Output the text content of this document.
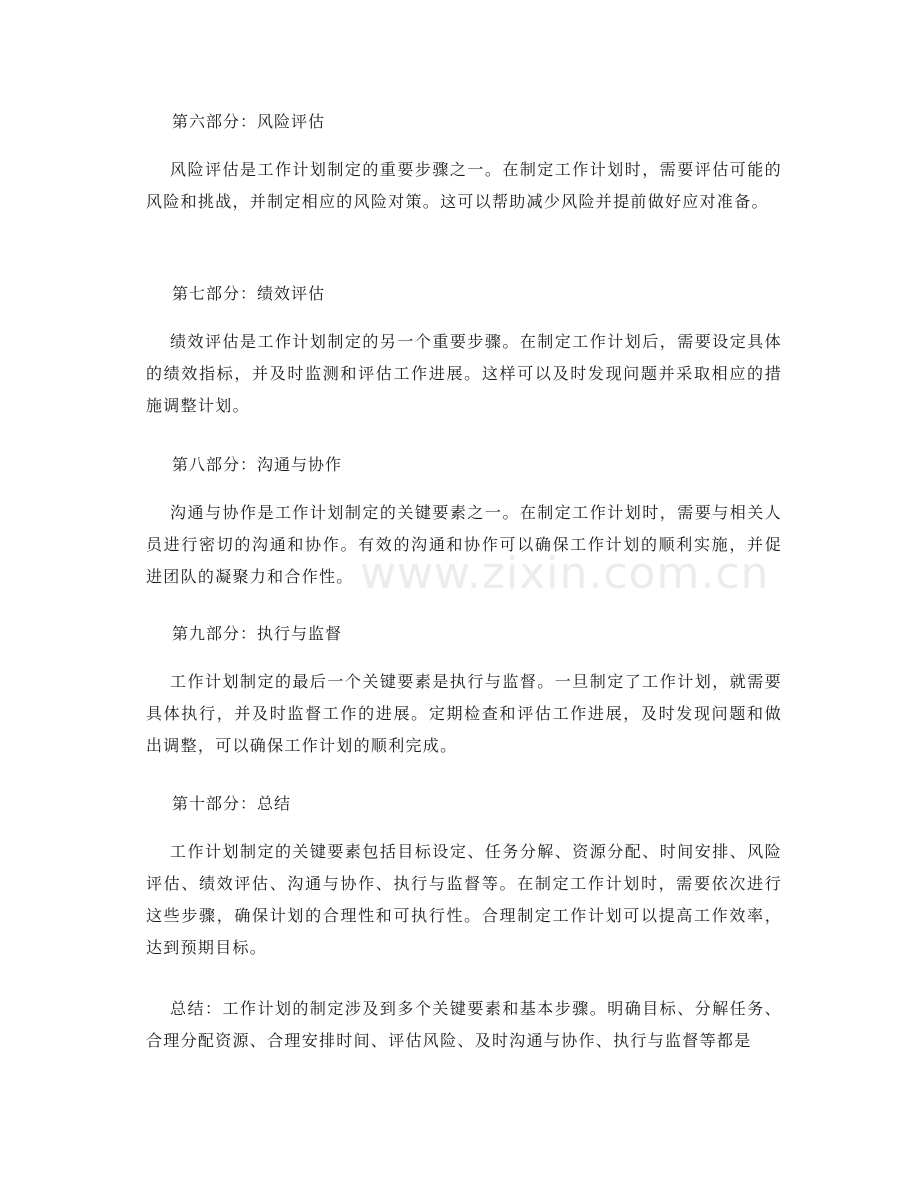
第六部分：风险评估

风险评估是工作计划制定的重要步骤之一。在制定工作计划时，需要评估可能的风险和挑战，并制定相应的风险对策。这可以帮助减少风险并提前做好应对准备。

第七部分：绩效评估

绩效评估是工作计划制定的另一个重要步骤。在制定工作计划后，需要设定具体的绩效指标，并及时监测和评估工作进展。这样可以及时发现问题并采取相应的措施调整计划。

第八部分：沟通与协作

沟通与协作是工作计划制定的关键要素之一。在制定工作计划时，需要与相关人员进行密切的沟通和协作。有效的沟通和协作可以确保工作计划的顺利实施，并促进团队的凝聚力和合作性。

第九部分：执行与监督

工作计划制定的最后一个关键要素是执行与监督。一旦制定了工作计划，就需要具体执行，并及时监督工作的进展。定期检查和评估工作进展，及时发现问题和做出调整，可以确保工作计划的顺利完成。

第十部分：总结

工作计划制定的关键要素包括目标设定、任务分解、资源分配、时间安排、风险评估、绩效评估、沟通与协作、执行与监督等。在制定工作计划时，需要依次进行这些步骤，确保计划的合理性和可执行性。合理制定工作计划可以提高工作效率，达到预期目标。

总结：工作计划的制定涉及到多个关键要素和基本步骤。明确目标、分解任务、合理分配资源、合理安排时间、评估风险、及时沟通与协作、执行与监督等都是

www.zixin.com.cn
